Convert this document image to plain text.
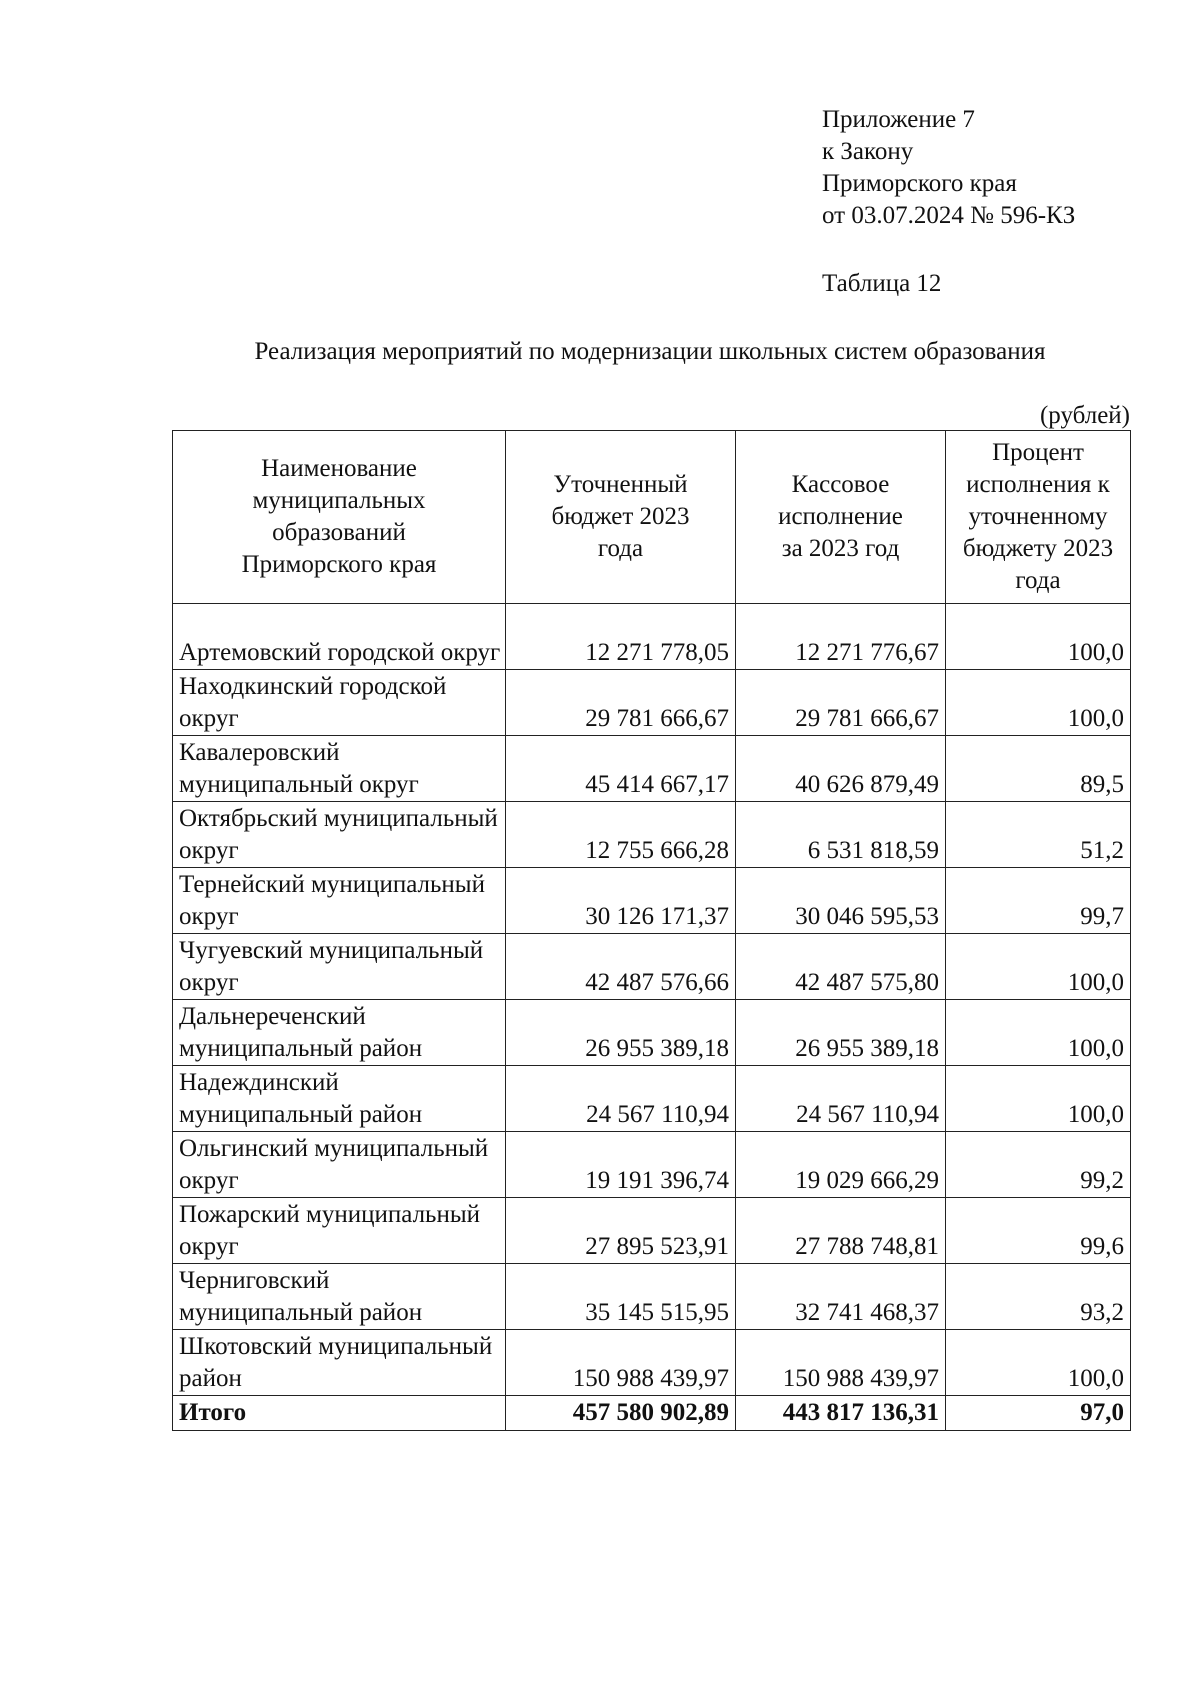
Приложение 7
к Закону
Приморского края
от 03.07.2024 № 596-КЗ
Таблица 12
Реализация мероприятий по модернизации школьных систем образования
(рублей)
Наименование муниципальных образований Приморского края	Уточненный бюджет 2023 года	Кассовое исполнение за 2023 год	Процент исполнения к уточненному бюджету 2023 года
Артемовский городской округ	12 271 778,05	12 271 776,67	100,0
Находкинский городской округ	29 781 666,67	29 781 666,67	100,0
Кавалеровский муниципальный округ	45 414 667,17	40 626 879,49	89,5
Октябрьский муниципальный округ	12 755 666,28	6 531 818,59	51,2
Тернейский муниципальный округ	30 126 171,37	30 046 595,53	99,7
Чугуевский муниципальный округ	42 487 576,66	42 487 575,80	100,0
Дальнереченский муниципальный район	26 955 389,18	26 955 389,18	100,0
Надеждинский муниципальный район	24 567 110,94	24 567 110,94	100,0
Ольгинский муниципальный округ	19 191 396,74	19 029 666,29	99,2
Пожарский муниципальный округ	27 895 523,91	27 788 748,81	99,6
Черниговский муниципальный район	35 145 515,95	32 741 468,37	93,2
Шкотовский муниципальный район	150 988 439,97	150 988 439,97	100,0
Итого	457 580 902,89	443 817 136,31	97,0
